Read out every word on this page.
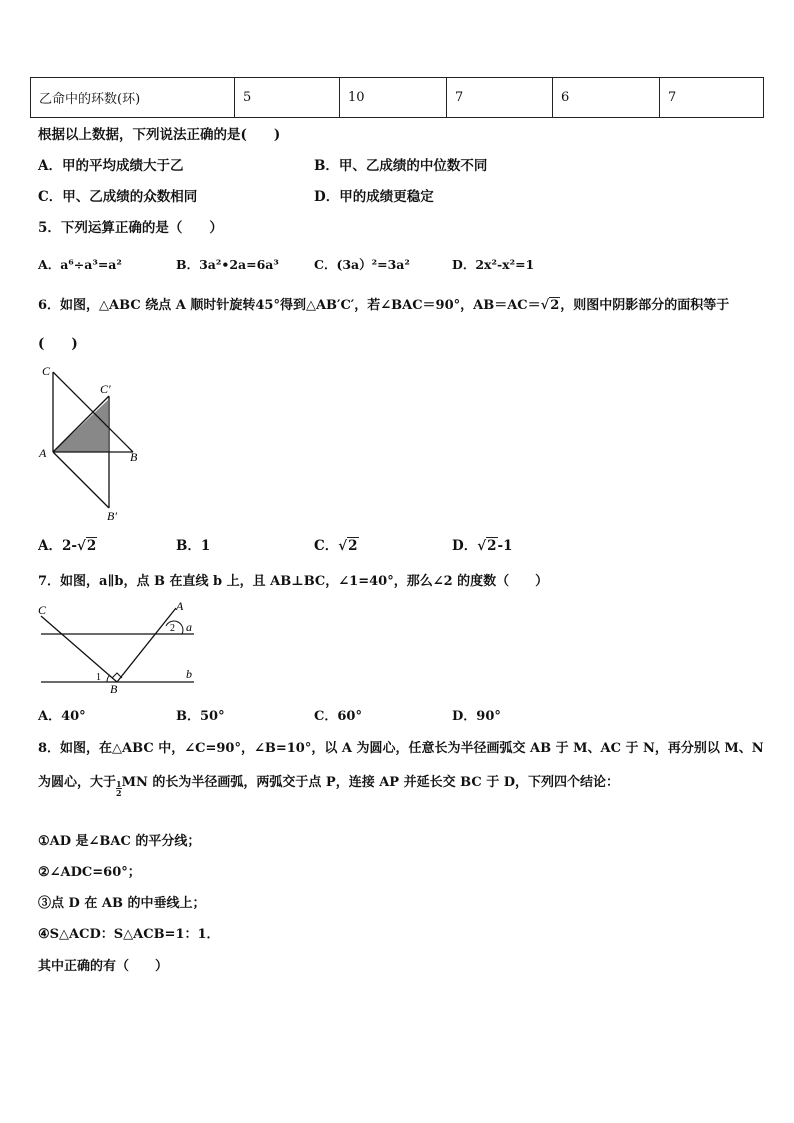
乙命中的环数(环)	5	10	7	6	7
根据以上数据，下列说法正确的是(　　)
A．甲的平均成绩大于乙	B．甲、乙成绩的中位数不同
C．甲、乙成绩的众数相同	D．甲的成绩更稳定
5．下列运算正确的是（　　）
A．a⁶÷a³=a²	B．3a²•2a=6a³	C．(3a）²=3a²	D．2x²-x²=1
6．如图，△ABC 绕点 A 顺时针旋转45°得到△AB′C′，若∠BAC＝90°，AB＝AC＝√2，则图中阴影部分的面积等于
(　　)
C
C′
A	B
B′
A．2-√2	B．1	C．√2	D．√2-1
7．如图，a∥b，点 B 在直线 b 上，且 AB⊥BC，∠1=40°，那么∠2 的度数（　　）
C	A
a
b
B
1
2
A．40°	B．50°	C．60°	D．90°
8．如图，在△ABC 中，∠C=90°，∠B=10°，以 A 为圆心，任意长为半径画弧交 AB 于 M、AC 于 N，再分别以 M、N
为圆心，大于 $\frac{1}{2}$ MN 的长为半径画弧，两弧交于点 P，连接 AP 并延长交 BC 于 D，下列四个结论：
①AD 是∠BAC 的平分线；
②∠ADC=60°；
③点 D 在 AB 的中垂线上；
④S△ACD：S△ACB=1：1．
其中正确的有（　　）
